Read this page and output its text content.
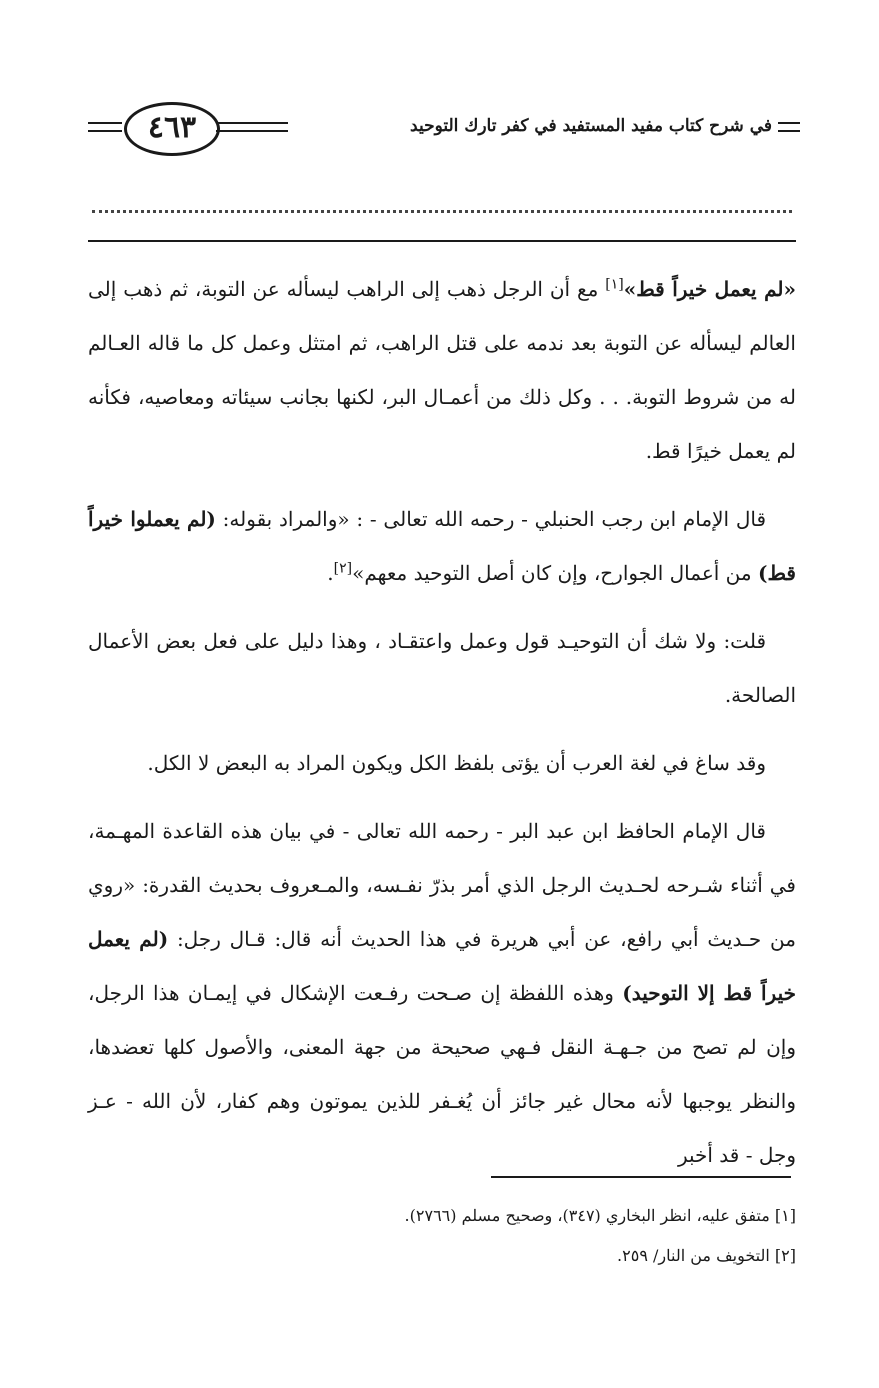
في شرح كتاب مفيد المستفيد في كفر تارك التوحيد
٤٦٣

«لم يعمل خيراً قط»[١] مع أن الرجل ذهب إلى الراهب ليسأله عن التوبة، ثم ذهب إلى العالم ليسأله عن التوبة بعد ندمه على قتل الراهب، ثم امتثل وعمل كل ما قاله العـالم له من شروط التوبة. . . وكل ذلك من أعمـال البر، لكنها بجانب سيئاته ومعاصيه، فكأنه لم يعمل خيرًا قط.

قال الإمام ابن رجب الحنبلي - رحمه الله تعالى - : «والمراد بقوله: (لم يعملوا خيراً قط) من أعمال الجوارح، وإن كان أصل التوحيد معهم»[٢].

قلت: ولا شك أن التوحيـد قول وعمل واعتقـاد ، وهذا دليل على فعل بعض الأعمال الصالحة.

وقد ساغ في لغة العرب أن يؤتى بلفظ الكل ويكون المراد به البعض لا الكل.

قال الإمام الحافظ ابن عبد البر - رحمه الله تعالى - في بيان هذه القاعدة المهـمة، في أثناء شـرحه لحـديث الرجل الذي أمر بذرّ نفـسه، والمـعروف بحديث القدرة: «روي من حـديث أبي رافع، عن أبي هريرة في هذا الحديث أنه قال: قـال رجل: (لم يعمل خيراً قط إلا التوحيد) وهذه اللفظة إن صـحت رفـعت الإشكال في إيمـان هذا الرجل، وإن لم تصح من جـهـة النقل فـهي صحيحة من جهة المعنى، والأصول كلها تعضدها، والنظر يوجبها لأنه محال غير جائز أن يُغـفر للذين يموتون وهم كفار، لأن الله - عـز وجل - قد أخبر

[١] متفق عليه، انظر البخاري (٣٤٧)، وصحيح مسلم (٢٧٦٦).
[٢] التخويف من النار/ ٢٥٩.
